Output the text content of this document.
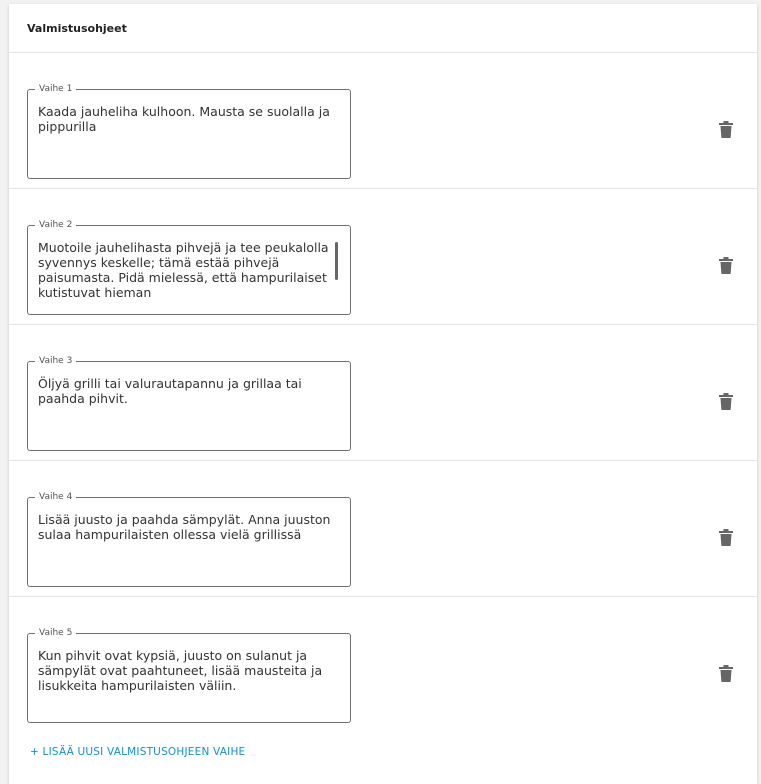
Valmistusohjeet
Vaihe 1
Kaada jauheliha kulhoon. Mausta se suolalla ja pippurilla
Vaihe 2
Muotoile jauhelihasta pihvejä ja tee peukalolla syvennys keskelle; tämä estää pihvejä paisumasta. Pidä mielessä, että hampurilaiset kutistuvat hieman
Vaihe 3
Öljyä grilli tai valurautapannu ja grillaa tai paahda pihvit.
Vaihe 4
Lisää juusto ja paahda sämpylät. Anna juuston sulaa hampurilaisten ollessa vielä grillissä
Vaihe 5
Kun pihvit ovat kypsiä, juusto on sulanut ja sämpylät ovat paahtuneet, lisää mausteita ja lisukkeita hampurilaisten väliin.
+ LISÄÄ UUSI VALMISTUSOHJEEN VAIHE
